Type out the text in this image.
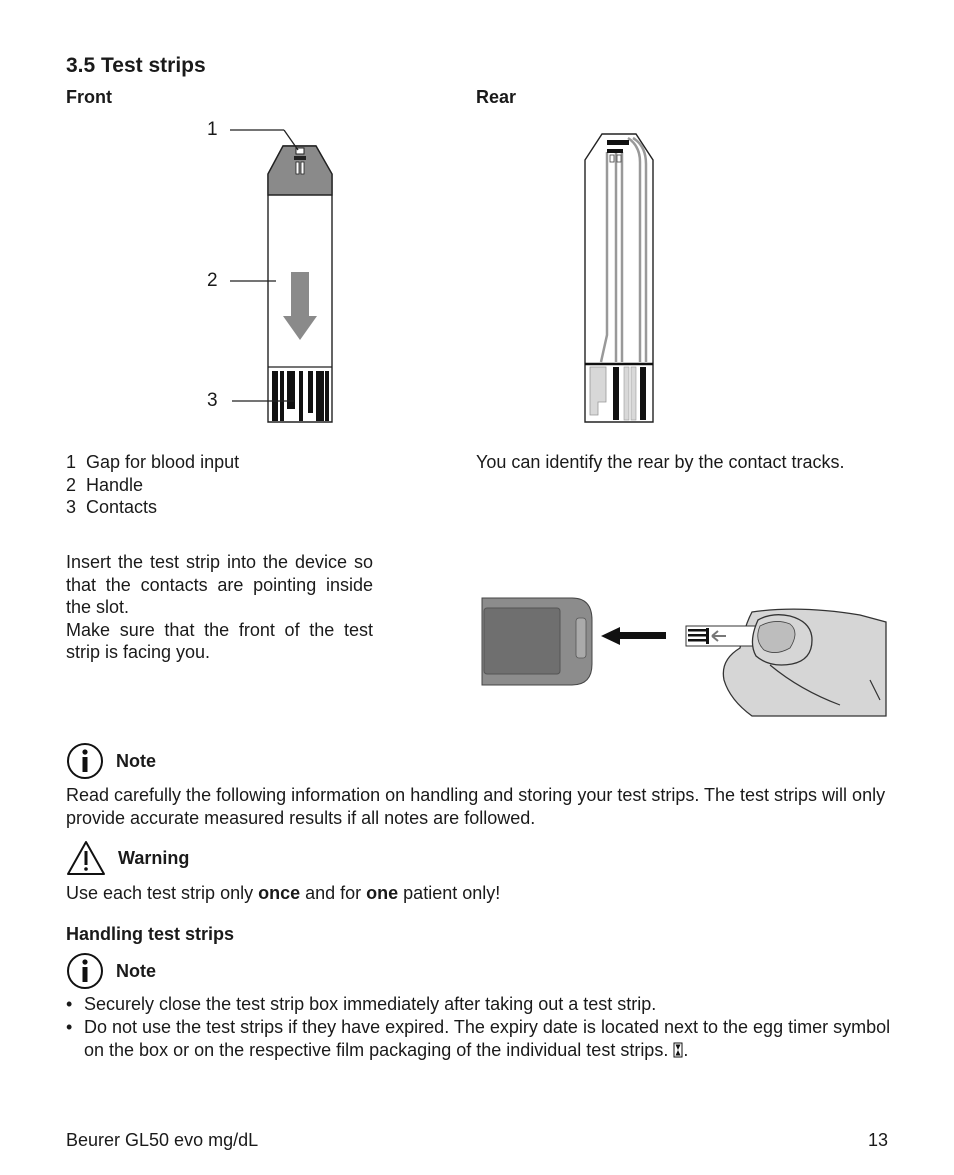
3.5 Test strips
Front	Rear
1
2
3
1 Gap for blood input
2 Handle
3 Contacts
You can identify the rear by the contact tracks.
Insert the test strip into the device so that the contacts are pointing inside the slot.
Make sure that the front of the test strip is facing you.
Note
Read carefully the following information on handling and storing your test strips. The test strips will only provide accurate measured results if all notes are followed.
Warning
Use each test strip only once and for one patient only!
Handling test strips
Note
• Securely close the test strip box immediately after taking out a test strip.
• Do not use the test strips if they have expired. The expiry date is located next to the egg timer symbol on the box or on the respective film packaging of the individual test strips. .
Beurer GL50 evo mg/dL	13
